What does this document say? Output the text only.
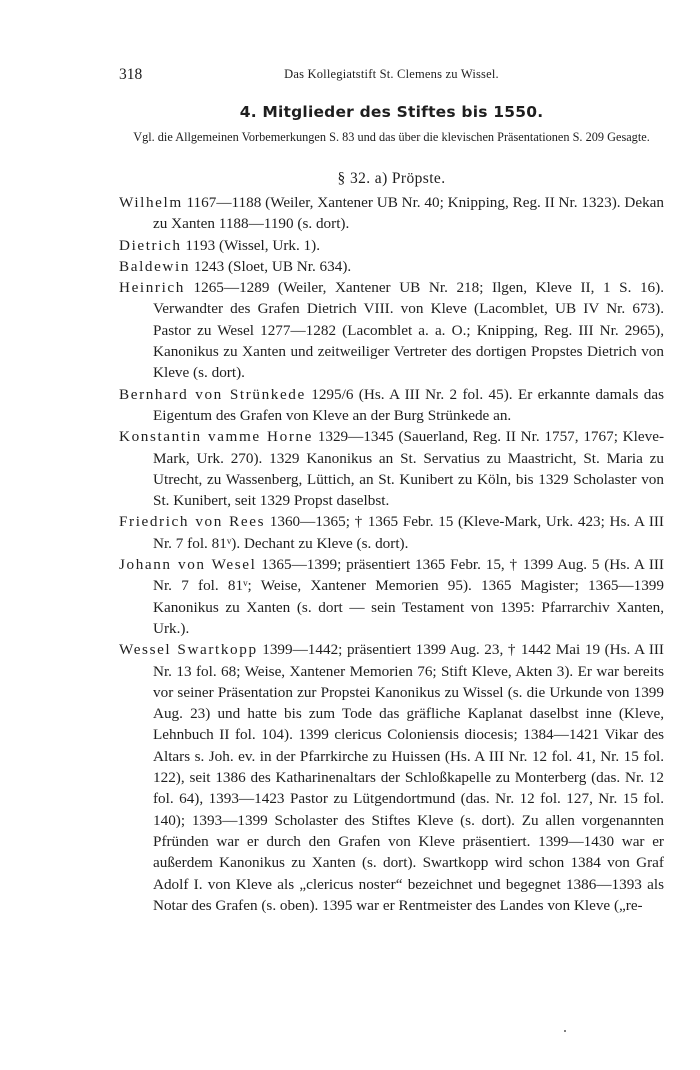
318	Das Kollegiatstift St. Clemens zu Wissel.
4. Mitglieder des Stiftes bis 1550.
Vgl. die Allgemeinen Vorbemerkungen S. 83 und das über die klevischen Präsentationen S. 209 Gesagte.
§ 32. a) Pröpste.

Wilhelm 1167—1188 (Weiler, Xantener UB Nr. 40; Knipping, Reg. II Nr. 1323). Dekan zu Xanten 1188—1190 (s. dort).

Dietrich 1193 (Wissel, Urk. 1).

Baldewin 1243 (Sloet, UB Nr. 634).

Heinrich 1265—1289 (Weiler, Xantener UB Nr. 218; Ilgen, Kleve II, 1 S. 16). Verwandter des Grafen Dietrich VIII. von Kleve (Lacomblet, UB IV Nr. 673). Pastor zu Wesel 1277—1282 (Lacomblet a. a. O.; Knipping, Reg. III Nr. 2965), Kanonikus zu Xanten und zeitweiliger Vertreter des dortigen Propstes Dietrich von Kleve (s. dort).

Bernhard von Strünkede 1295/6 (Hs. A III Nr. 2 fol. 45). Er erkannte damals das Eigentum des Grafen von Kleve an der Burg Strünkede an.

Konstantin vamme Horne 1329—1345 (Sauerland, Reg. II Nr. 1757, 1767; Kleve-Mark, Urk. 270). 1329 Kanonikus an St. Servatius zu Maastricht, St. Maria zu Utrecht, zu Wassenberg, Lüttich, an St. Kunibert zu Köln, bis 1329 Scholaster von St. Kunibert, seit 1329 Propst daselbst.

Friedrich von Rees 1360—1365; † 1365 Febr. 15 (Kleve-Mark, Urk. 423; Hs. A III Nr. 7 fol. 81ᵛ). Dechant zu Kleve (s. dort).

Johann von Wesel 1365—1399; präsentiert 1365 Febr. 15, † 1399 Aug. 5 (Hs. A III Nr. 7 fol. 81ᵛ; Weise, Xantener Memorien 95). 1365 Magister; 1365—1399 Kanonikus zu Xanten (s. dort — sein Testament von 1395: Pfarrarchiv Xanten, Urk.).

Wessel Swartkopp 1399—1442; präsentiert 1399 Aug. 23, † 1442 Mai 19 (Hs. A III Nr. 13 fol. 68; Weise, Xantener Memorien 76; Stift Kleve, Akten 3). Er war bereits vor seiner Präsentation zur Propstei Kanonikus zu Wissel (s. die Urkunde von 1399 Aug. 23) und hatte bis zum Tode das gräfliche Kaplanat daselbst inne (Kleve, Lehnbuch II fol. 104). 1399 clericus Coloniensis diocesis; 1384—1421 Vikar des Altars s. Joh. ev. in der Pfarrkirche zu Huissen (Hs. A III Nr. 12 fol. 41, Nr. 15 fol. 122), seit 1386 des Katharinenaltars der Schloßkapelle zu Monterberg (das. Nr. 12 fol. 64), 1393—1423 Pastor zu Lütgendortmund (das. Nr. 12 fol. 127, Nr. 15 fol. 140); 1393—1399 Scholaster des Stiftes Kleve (s. dort). Zu allen vorgenannten Pfründen war er durch den Grafen von Kleve präsentiert. 1399—1430 war er außerdem Kanonikus zu Xanten (s. dort). Swartkopp wird schon 1384 von Graf Adolf I. von Kleve als „clericus noster“ bezeichnet und begegnet 1386—1393 als Notar des Grafen (s. oben). 1395 war er Rentmeister des Landes von Kleve („re-
